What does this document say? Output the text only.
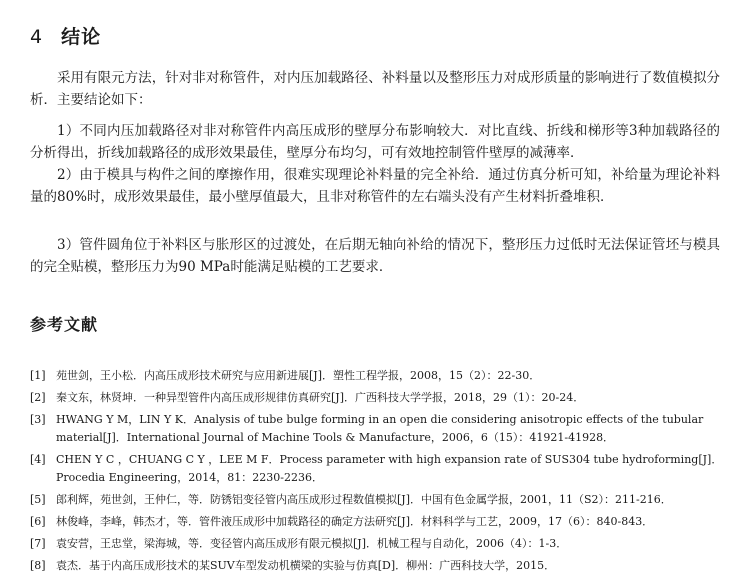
4 结论
采用有限元方法，针对非对称管件，对内压加载路径、补料量以及整形压力对成形质量的影响进行了数值模拟分析．主要结论如下：
1）不同内压加载路径对非对称管件内高压成形的壁厚分布影响较大．对比直线、折线和梯形等3种加载路径的分析得出，折线加载路径的成形效果最佳，壁厚分布均匀，可有效地控制管件壁厚的减薄率．
2）由于模具与构件之间的摩擦作用，很难实现理论补料量的完全补给．通过仿真分析可知，补给量为理论补料量的80%时，成形效果最佳，最小壁厚值最大，且非对称管件的左右端头没有产生材料折叠堆积．
3）管件圆角位于补料区与胀形区的过渡处，在后期无轴向补给的情况下，整形压力过低时无法保证管坯与模具的完全贴模，整形压力为90 MPa时能满足贴模的工艺要求．
参考文献
[1] 苑世剑，王小松．内高压成形技术研究与应用新进展[J]．塑性工程学报，2008，15（2）：22-30．
[2] 秦文东，林贤坤．一种异型管件内高压成形规律仿真研究[J]．广西科技大学学报，2018，29（1）：20-24．
[3] HWANG Y M，LIN Y K．Analysis of tube bulge forming in an open die considering anisotropic effects of the tubular material[J]．International Journal of Machine Tools & Manufacture，2006，6（15）：41921-41928．
[4] CHEN Y C ，CHUANG C Y ，LEE M F．Process parameter with high expansion rate of SUS304 tube hydroforming[J]．Procedia Engineering，2014，81：2230-2236．
[5] 郎利辉，苑世剑，王仲仁，等．防锈铝变径管内高压成形过程数值模拟[J]．中国有色金属学报，2001，11（S2）：211-216．
[6] 林俊峰，李峰，韩杰才，等．管件液压成形中加载路径的确定方法研究[J]．材料科学与工艺，2009，17（6）：840-843．
[7] 袁安营，王忠堂，梁海城，等．变径管内高压成形有限元模拟[J]．机械工程与自动化，2006（4）：1-3．
[8] 袁杰．基于内高压成形技术的某SUV车型发动机横梁的实验与仿真[D]．柳州：广西科技大学，2015．
